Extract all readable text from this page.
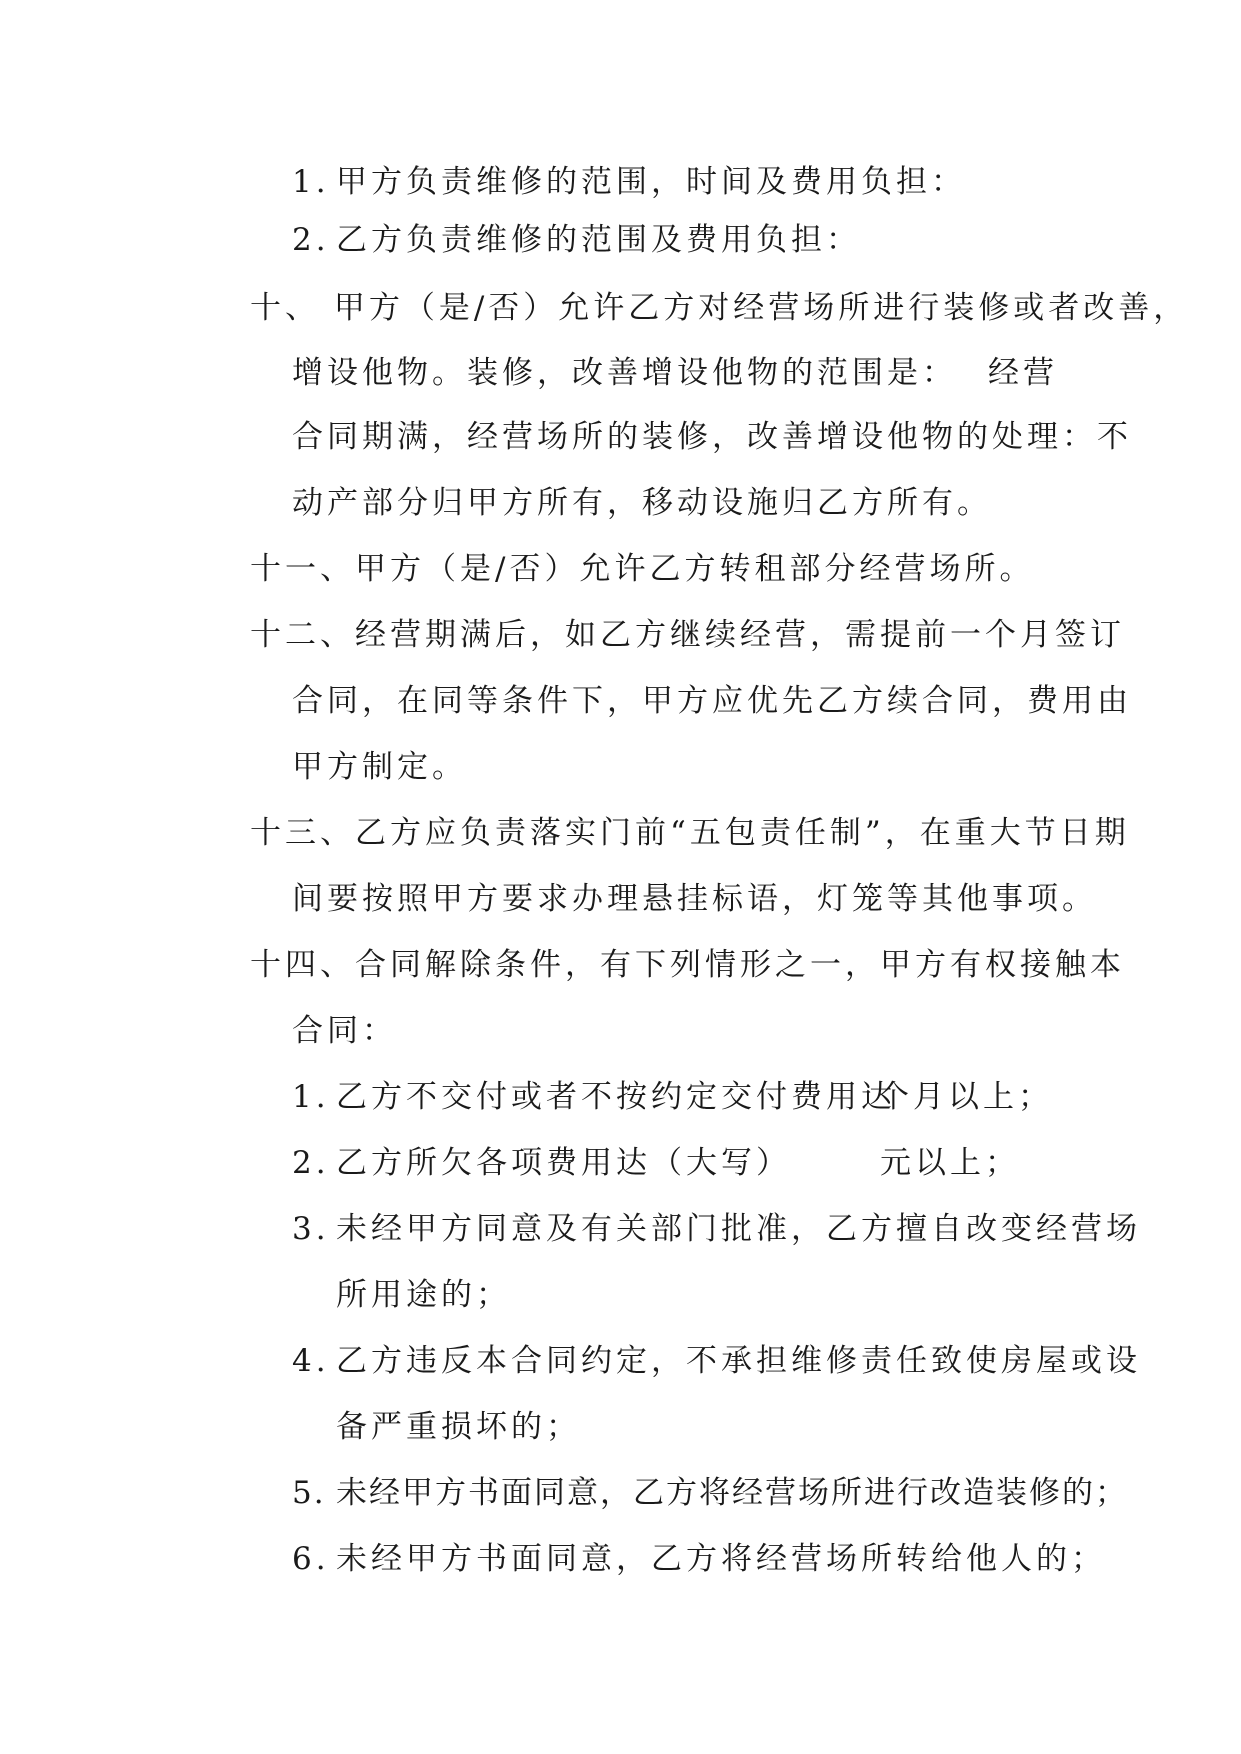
1. 甲方负责维修的范围，时间及费用负担：
2. 乙方负责维修的范围及费用负担：
十、 甲方（是/否）允许乙方对经营场所进行装修或者改善，
增设他物。装修，改善增设他物的范围是： 经营
合同期满，经营场所的装修，改善增设他物的处理：不
动产部分归甲方所有，移动设施归乙方所有。
十一、甲方（是/否）允许乙方转租部分经营场所。
十二、经营期满后，如乙方继续经营，需提前一个月签订
合同，在同等条件下，甲方应优先乙方续合同，费用由
甲方制定。
十三、乙方应负责落实门前“五包责任制”，在重大节日期
间要按照甲方要求办理悬挂标语，灯笼等其他事项。
十四、合同解除条件，有下列情形之一，甲方有权接触本
合同：
1. 乙方不交付或者不按约定交付费用达
个月以上；
2. 乙方所欠各项费用达（大写）	元以上；
3. 未经甲方同意及有关部门批准，乙方擅自改变经营场
所用途的；
4. 乙方违反本合同约定，不承担维修责任致使房屋或设
备严重损坏的；
5. 未经甲方书面同意，乙方将经营场所进行改造装修的；
6. 未经甲方书面同意，乙方将经营场所转给他人的；
